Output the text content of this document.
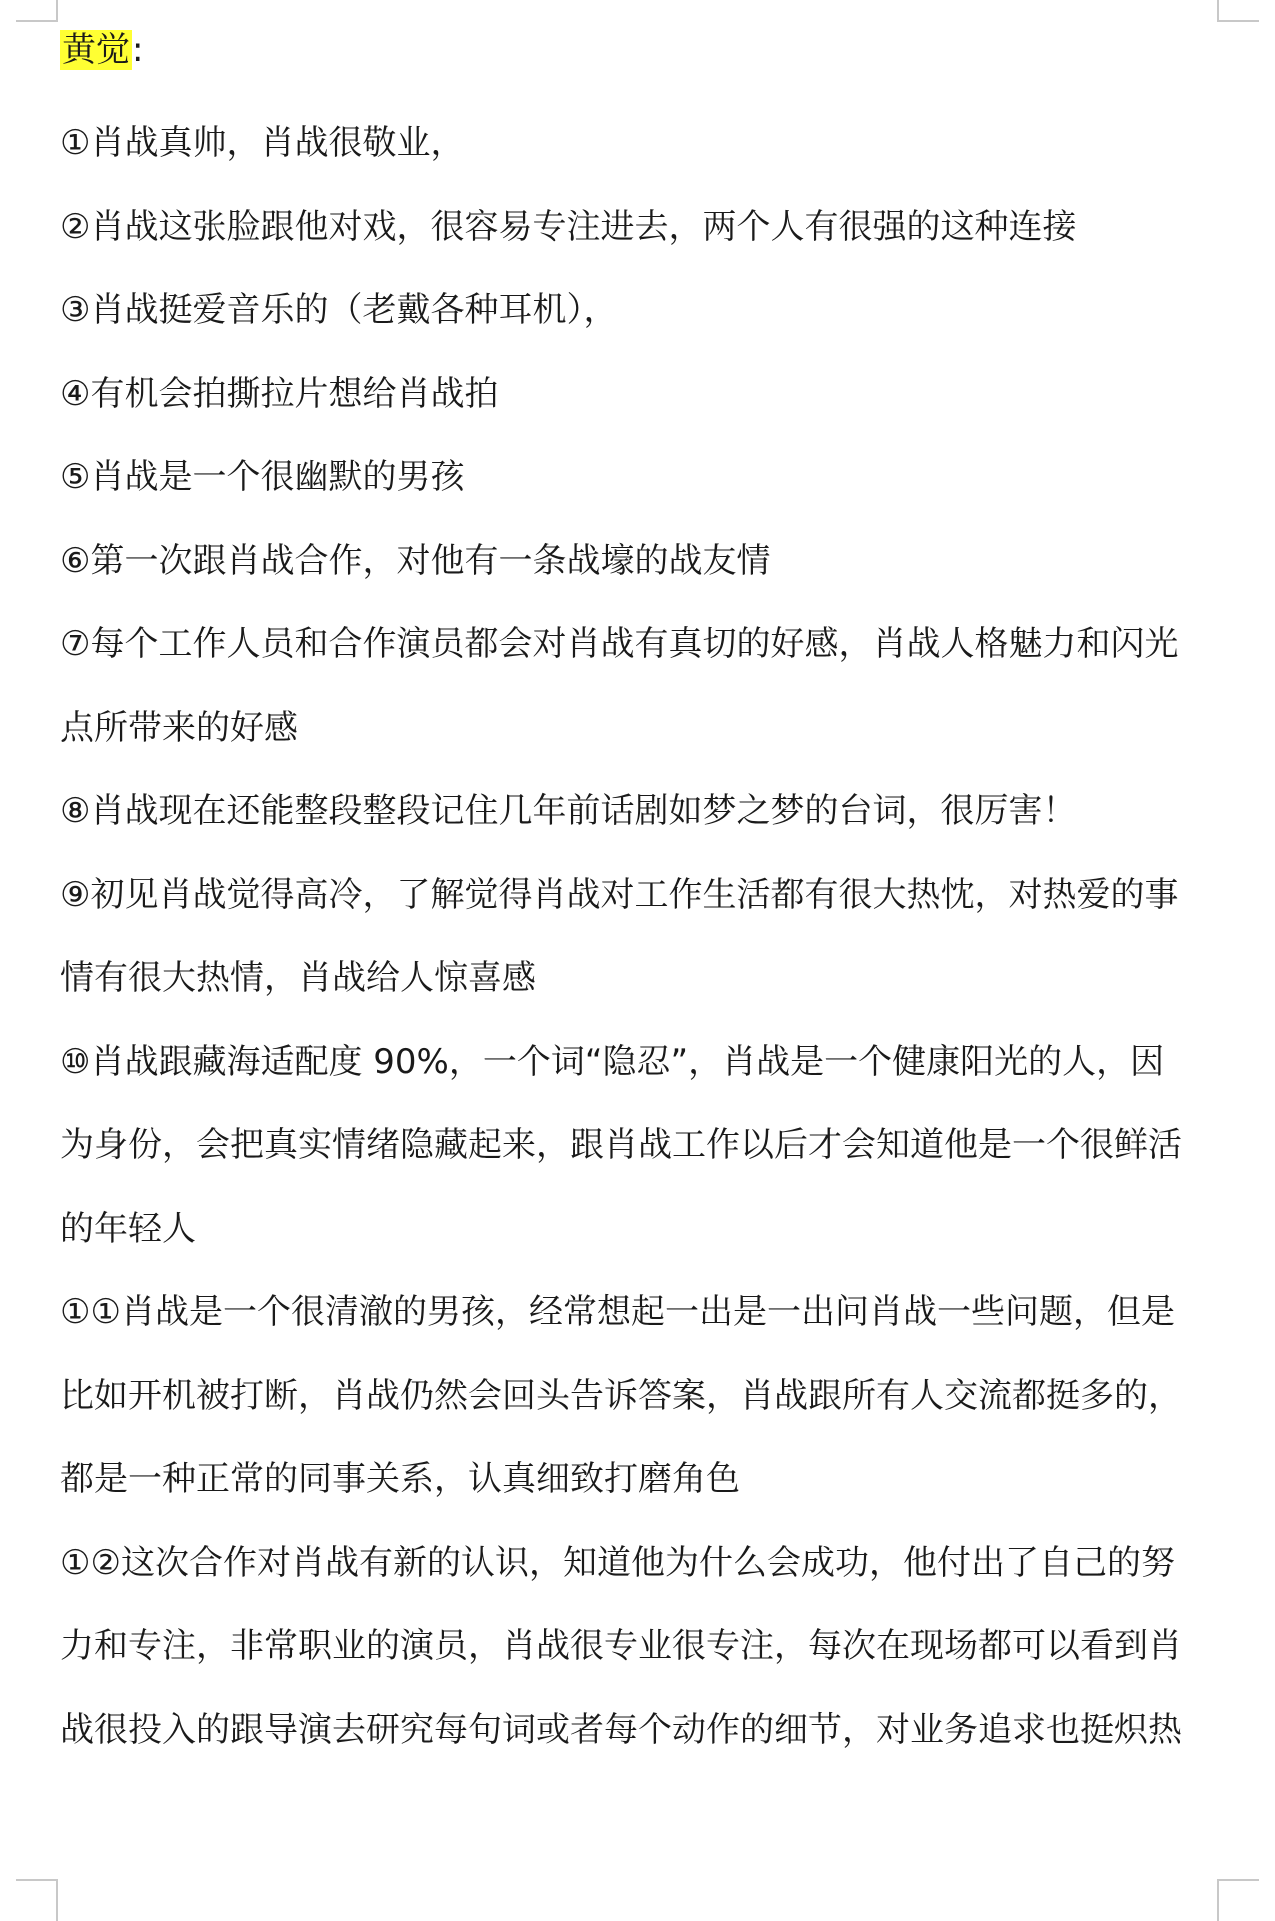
黄觉:

①肖战真帅，肖战很敬业，

②肖战这张脸跟他对戏，很容易专注进去，两个人有很强的这种连接

③肖战挺爱音乐的（老戴各种耳机），

④有机会拍撕拉片想给肖战拍

⑤肖战是一个很幽默的男孩

⑥第一次跟肖战合作，对他有一条战壕的战友情

⑦每个工作人员和合作演员都会对肖战有真切的好感，肖战人格魅力和闪光点所带来的好感

⑧肖战现在还能整段整段记住几年前话剧如梦之梦的台词，很厉害！

⑨初见肖战觉得高冷，了解觉得肖战对工作生活都有很大热忱，对热爱的事情有很大热情，肖战给人惊喜感

⑩肖战跟藏海适配度 90%，一个词“隐忍”，肖战是一个健康阳光的人，因为身份，会把真实情绪隐藏起来，跟肖战工作以后才会知道他是一个很鲜活的年轻人

①①肖战是一个很清澈的男孩，经常想起一出是一出问肖战一些问题，但是比如开机被打断，肖战仍然会回头告诉答案，肖战跟所有人交流都挺多的，都是一种正常的同事关系，认真细致打磨角色

①②这次合作对肖战有新的认识，知道他为什么会成功，他付出了自己的努力和专注，非常职业的演员，肖战很专业很专注，每次在现场都可以看到肖战很投入的跟导演去研究每句词或者每个动作的细节，对业务追求也挺炽热
